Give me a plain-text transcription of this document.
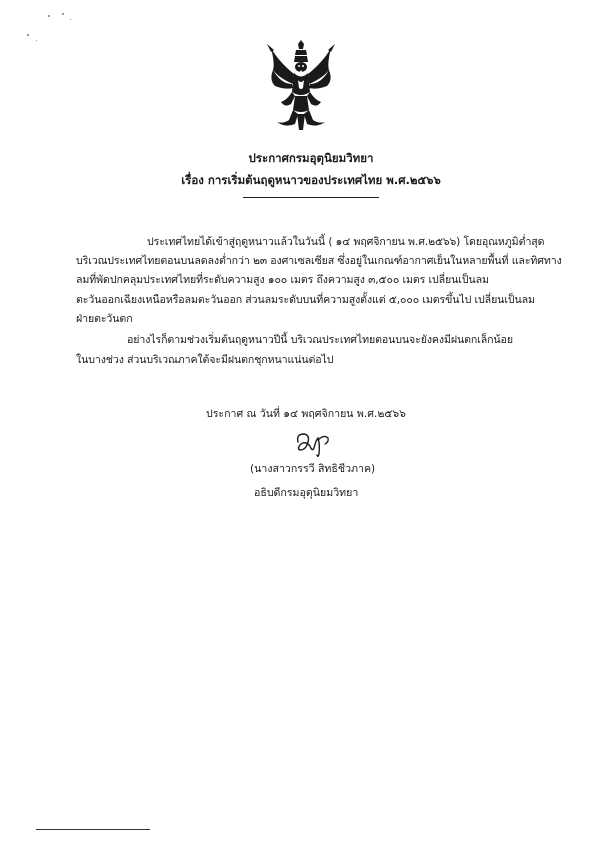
ประกาศกรมอุตุนิยมวิทยา
เรื่อง การเริ่มต้นฤดูหนาวของประเทศไทย พ.ศ.๒๕๖๖
ประเทศไทยได้เข้าสู่ฤดูหนาวแล้วในวันนี้ ( ๑๔ พฤศจิกายน พ.ศ.๒๕๖๖) โดยอุณหภูมิต่ำสุด
บริเวณประเทศไทยตอนบนลดลงต่ำกว่า ๒๓ องศาเซลเซียส ซึ่งอยู่ในเกณฑ์อากาศเย็นในหลายพื้นที่ และทิศทาง
ลมที่พัดปกคลุมประเทศไทยที่ระดับความสูง ๑๐๐ เมตร ถึงความสูง ๓,๕๐๐ เมตร เปลี่ยนเป็นลม
ตะวันออกเฉียงเหนือหรือลมตะวันออก ส่วนลมระดับบนที่ความสูงตั้งแต่ ๕,๐๐๐ เมตรขึ้นไป เปลี่ยนเป็นลม
ฝ่ายตะวันตก
อย่างไรก็ตามช่วงเริ่มต้นฤดูหนาวปีนี้ บริเวณประเทศไทยตอนบนจะยังคงมีฝนตกเล็กน้อย
ในบางช่วง ส่วนบริเวณภาคใต้จะมีฝนตกชุกหนาแน่นต่อไป
ประกาศ ณ วันที่ ๑๔ พฤศจิกายน พ.ศ.๒๕๖๖
(นางสาวกรรวี สิทธิชีวภาค)
อธิบดีกรมอุตุนิยมวิทยา
